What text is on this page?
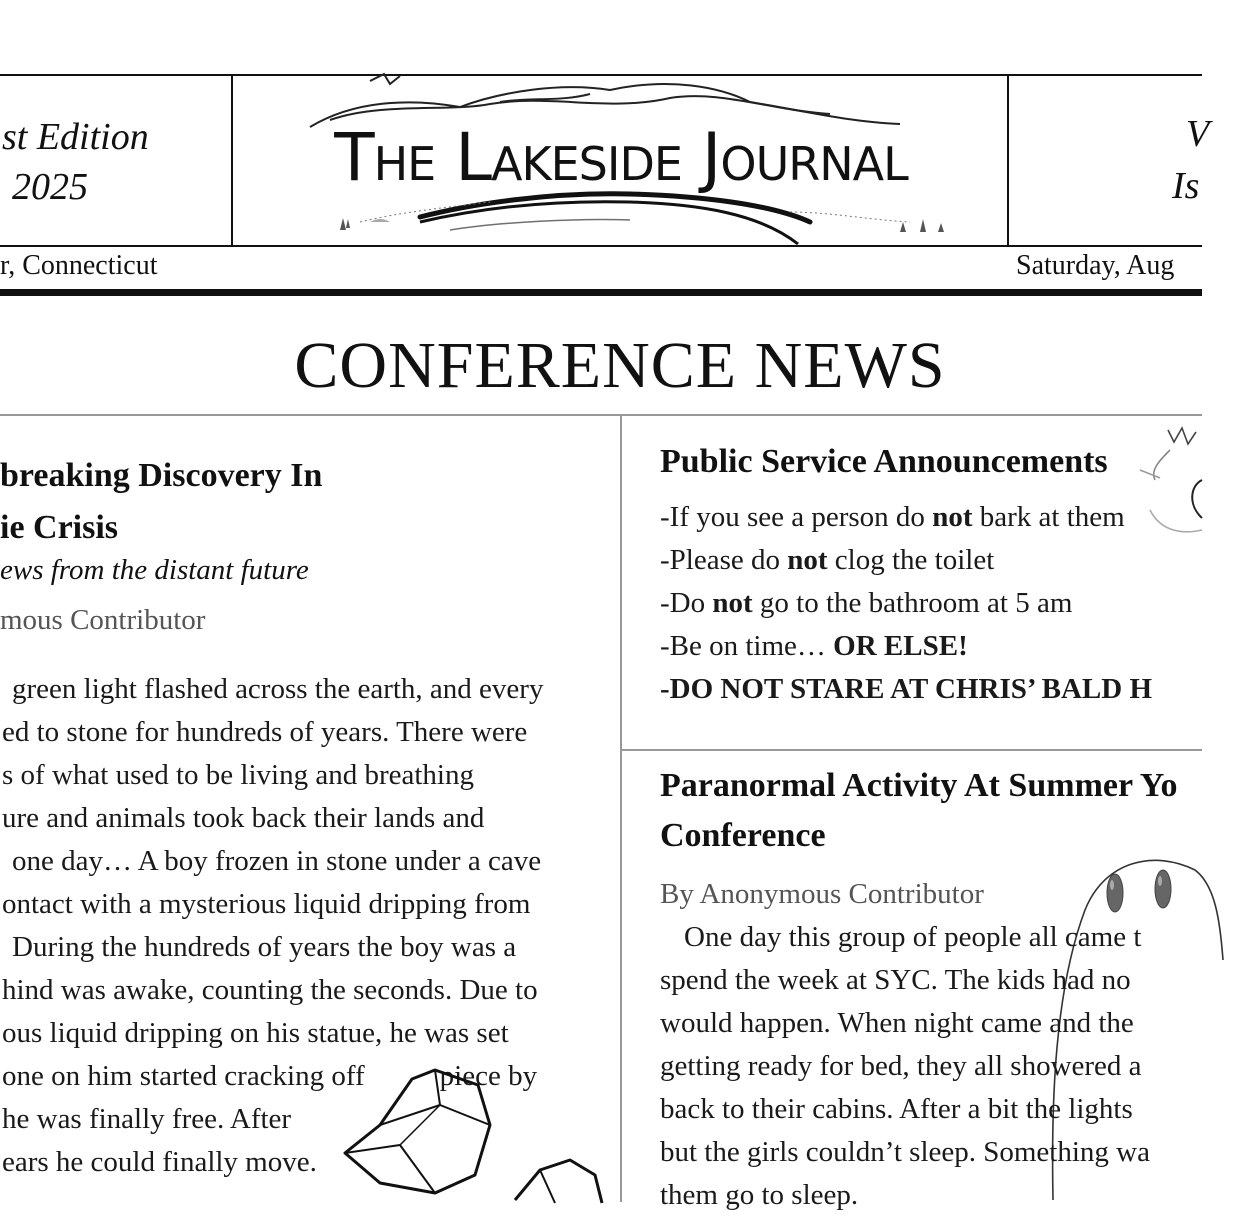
st Edition
2025	The Lakeside Journal	V
Is
r, Connecticut	Saturday, Aug
CONFERENCE NEWS
breaking Discovery In
ie Crisis
ews from the distant future
mous Contributor
green light flashed across the earth, and every
ed to stone for hundreds of years. There were
s of what used to be living and breathing
ure and animals took back their lands and
one day… A boy frozen in stone under a cave
ontact with a mysterious liquid dripping from
During the hundreds of years the boy was a
hind was awake, counting the seconds. Due to
ous liquid dripping on his statue, he was set
one on him started cracking off	piece by
he was finally free. After
ears he could finally move.
Public Service Announcements
-If you see a person do not bark at them
-Please do not clog the toilet
-Do not go to the bathroom at 5 am
-Be on time… OR ELSE!
-DO NOT STARE AT CHRIS’ BALD H
Paranormal Activity At Summer Yo
Conference
By Anonymous Contributor
One day this group of people all came t
spend the week at SYC. The kids had no
would happen. When night came and the
getting ready for bed, they all showered a
back to their cabins. After a bit the lights
but the girls couldn’t sleep. Something wa
them go to sleep.
